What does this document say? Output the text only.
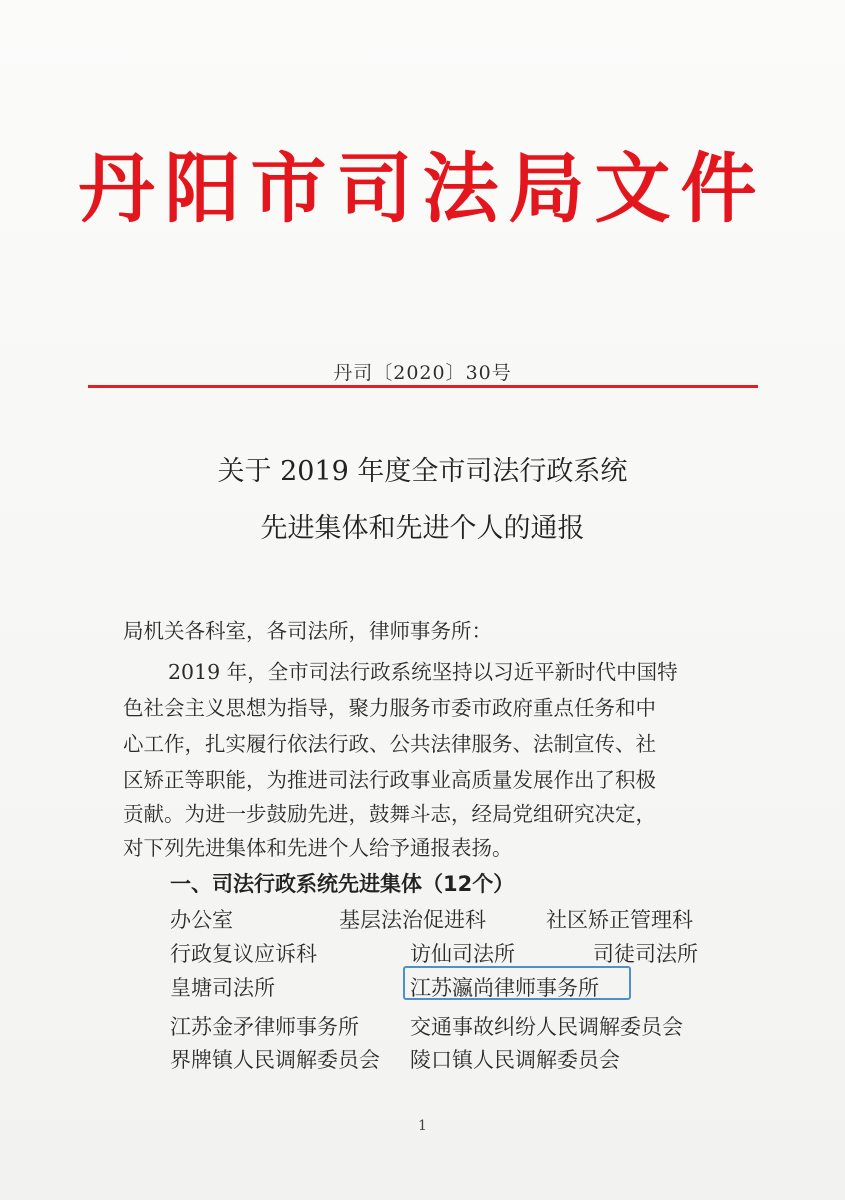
丹阳市司法局文件
丹司〔2020〕30号
关于 2019 年度全市司法行政系统
先进集体和先进个人的通报
局机关各科室，各司法所，律师事务所：
2019 年，全市司法行政系统坚持以习近平新时代中国特
色社会主义思想为指导，聚力服务市委市政府重点任务和中
心工作，扎实履行依法行政、公共法律服务、法制宣传、社
区矫正等职能，为推进司法行政事业高质量发展作出了积极
贡献。为进一步鼓励先进，鼓舞斗志，经局党组研究决定，
对下列先进集体和先进个人给予通报表扬。
一、司法行政系统先进集体（12个）
办公室	基层法治促进科	社区矫正管理科
行政复议应诉科	访仙司法所	司徒司法所
皇塘司法所	江苏瀛尚律师事务所
江苏金矛律师事务所 交通事故纠纷人民调解委员会
界牌镇人民调解委员会 陵口镇人民调解委员会
1
